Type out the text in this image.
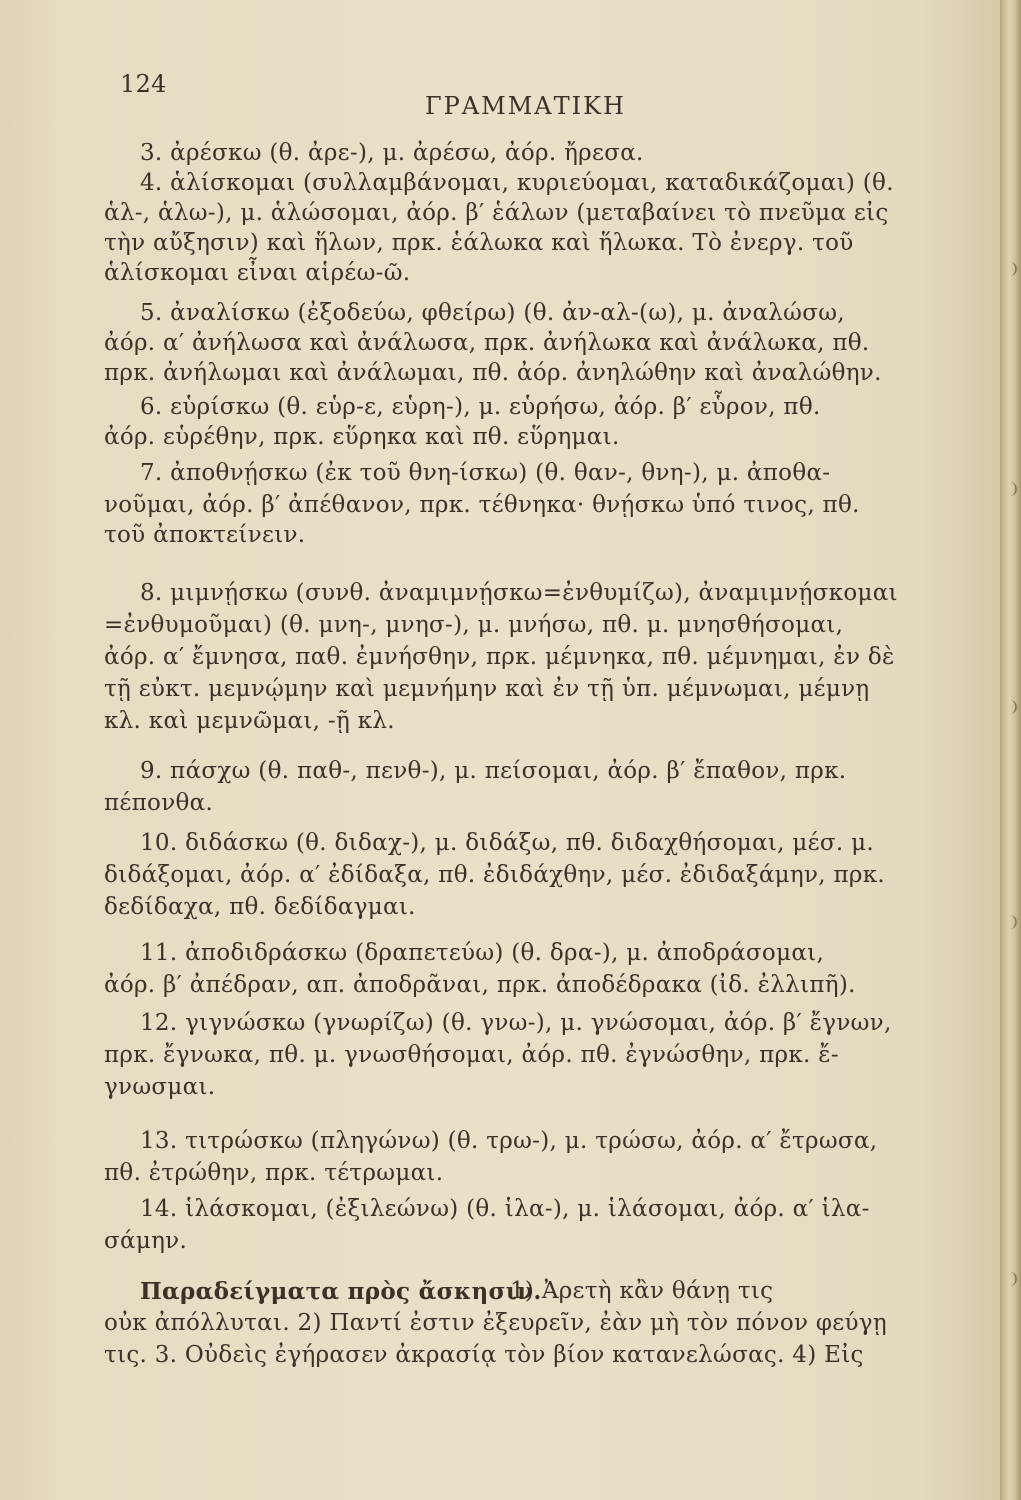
124
ΓΡΑΜΜΑΤΙΚΗ
3. ἀρέσκω (θ. ἀρε-), μ. ἀρέσω, ἀόρ. ἤρεσα.
4. ἁλίσκομαι (συλλαμβάνομαι, κυριεύομαι, καταδικάζομαι) (θ.
ἁλ-, ἁλω-), μ. ἁλώσομαι, ἀόρ. β′ ἑάλων (μεταβαίνει τὸ πνεῦμα εἰς
τὴν αὔξησιν) καὶ ἥλων, πρκ. ἑάλωκα καὶ ἥλωκα. Τὸ ἐνεργ. τοῦ
ἁλίσκομαι εἶναι αἱρέω-ῶ.
5. ἀναλίσκω (ἐξοδεύω, φθείρω) (θ. ἀν-αλ-(ω), μ. ἀναλώσω,
ἀόρ. α′ ἀνήλωσα καὶ ἀνάλωσα, πρκ. ἀνήλωκα καὶ ἀνάλωκα, πθ.
πρκ. ἀνήλωμαι καὶ ἀνάλωμαι, πθ. ἀόρ. ἀνηλώθην καὶ ἀναλώθην.
6. εὑρίσκω (θ. εὑρ-ε, εὑρη-), μ. εὑρήσω, ἀόρ. β′ εὗρον, πθ.
ἀόρ. εὑρέθην, πρκ. εὕρηκα καὶ πθ. εὕρημαι.
7. ἀποθνῄσκω (ἐκ τοῦ θνη-ίσκω) (θ. θαν-, θνη-), μ. ἀποθα-
νοῦμαι, ἀόρ. β′ ἀπέθανον, πρκ. τέθνηκα· θνῄσκω ὑπό τινος, πθ.
τοῦ ἀποκτείνειν.
8. μιμνῄσκω (συνθ. ἀναμιμνῄσκω=ἐνθυμίζω), ἀναμιμνῄσκομαι
=ἐνθυμοῦμαι) (θ. μνη-, μνησ-), μ. μνήσω, πθ. μ. μνησθήσομαι,
ἀόρ. α′ ἔμνησα, παθ. ἐμνήσθην, πρκ. μέμνηκα, πθ. μέμνημαι, ἐν δὲ
τῇ εὐκτ. μεμνῴμην καὶ μεμνήμην καὶ ἐν τῇ ὑπ. μέμνωμαι, μέμνῃ
κλ. καὶ μεμνῶμαι, -ῇ κλ.
9. πάσχω (θ. παθ-, πενθ-), μ. πείσομαι, ἀόρ. β′ ἔπαθον, πρκ.
πέπονθα.
10. διδάσκω (θ. διδαχ-), μ. διδάξω, πθ. διδαχθήσομαι, μέσ. μ.
διδάξομαι, ἀόρ. α′ ἐδίδαξα, πθ. ἐδιδάχθην, μέσ. ἐδιδαξάμην, πρκ.
δεδίδαχα, πθ. δεδίδαγμαι.
11. ἀποδιδράσκω (δραπετεύω) (θ. δρα-), μ. ἀποδράσομαι,
ἀόρ. β′ ἀπέδραν, απ. ἀποδρᾶναι, πρκ. ἀποδέδρακα (ἰδ. ἐλλιπῆ).
12. γιγνώσκω (γνωρίζω) (θ. γνω-), μ. γνώσομαι, ἀόρ. β′ ἔγνων,
πρκ. ἔγνωκα, πθ. μ. γνωσθήσομαι, ἀόρ. πθ. ἐγνώσθην, πρκ. ἔ-
γνωσμαι.
13. τιτρώσκω (πληγώνω) (θ. τρω-), μ. τρώσω, ἀόρ. α′ ἔτρωσα,
πθ. ἐτρώθην, πρκ. τέτρωμαι.
14. ἱλάσκομαι, (ἐξιλεώνω) (θ. ἱλα-), μ. ἱλάσομαι, ἀόρ. α′ ἱλα-
σάμην.
Παραδείγματα πρὸς ἄσκησιν.
1) Ἀρετὴ κἂν θάνῃ τις
οὐκ ἀπόλλυται. 2) Παντί ἐστιν ἐξευρεῖν, ἐὰν μὴ τὸν πόνον φεύγῃ
τις. 3. Οὐδεὶς ἐγήρασεν ἀκρασίᾳ τὸν βίον κατανελώσας. 4) Εἰς
